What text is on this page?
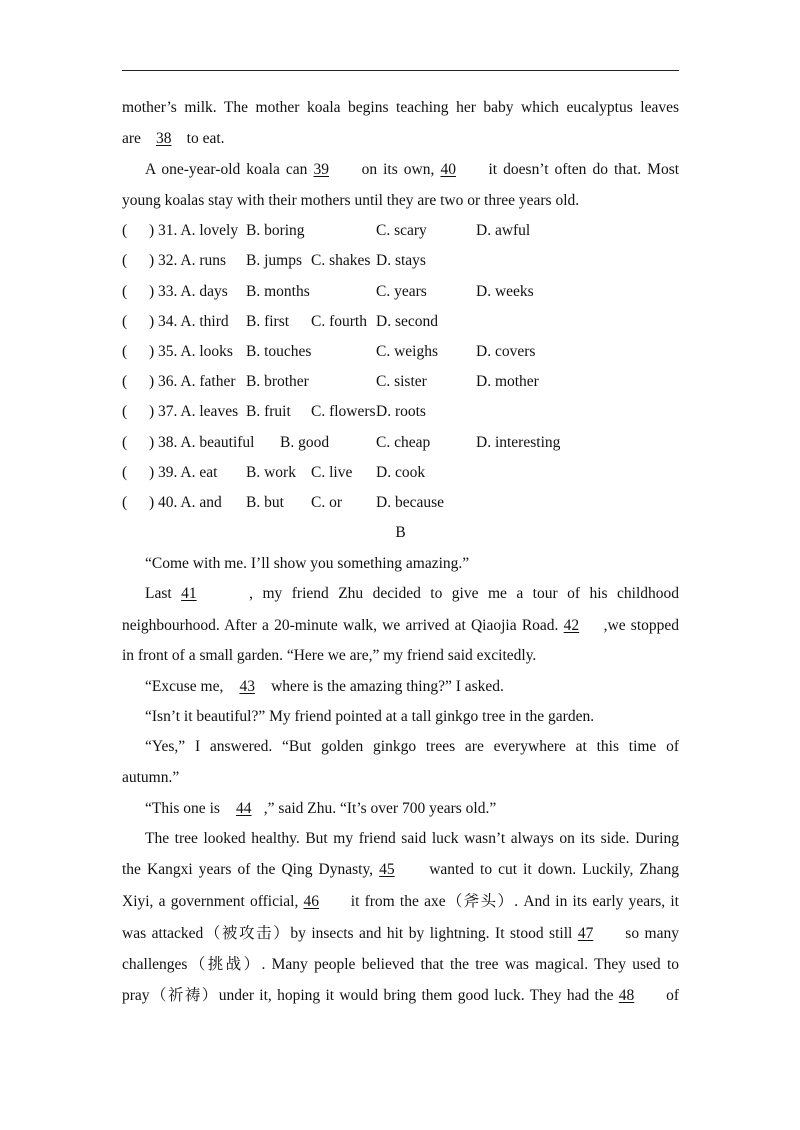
mother’s milk. The mother koala begins teaching her baby which eucalyptus leaves
are 38 to eat.
A one-year-old koala can 39 on its own, 40 it doesn’t often do that. Most
young koalas stay with their mothers until they are two or three years old.
( ) 31. A. lovely B. boring	C. scary	D. awful
( ) 32. A. runs B. jumps C. shakes D. stays
( ) 33. A. days B. months	C. years	D. weeks
( ) 34. A. third B. first C. fourth D. second
( ) 35. A. looks B. touches	C. weighs D. covers
( ) 36. A. father B. brother	C. sister	D. mother
( ) 37. A. leaves B. fruit C. flowers D. roots
( ) 38. A. beautiful B. good	C. cheap	D. interesting
( ) 39. A. eat B. work C. live D. cook
( ) 40. A. and B. but C. or D. because
B
“Come with me. I’ll show you something amazing.”
Last 41	, my friend Zhu decided to give me a tour of his childhood
neighbourhood. After a 20-minute walk, we arrived at Qiaojia Road. 42 ,we stopped
in front of a small garden. “Here we are,” my friend said excitedly.
“Excuse me, 43 where is the amazing thing?” I asked.
“Isn’t it beautiful?” My friend pointed at a tall ginkgo tree in the garden.
“Yes,” I answered. “But golden ginkgo trees are everywhere at this time of
autumn.”
“This one is 44 ,” said Zhu. “It’s over 700 years old.”
The tree looked healthy. But my friend said luck wasn’t always on its side. During
the Kangxi years of the Qing Dynasty, 45 wanted to cut it down. Luckily, Zhang
Xiyi, a government official, 46 it from the axe（斧头）. And in its early years, it
was attacked（被攻击）by insects and hit by lightning. It stood still 47 so many
challenges（挑战）. Many people believed that the tree was magical. They used to
pray（祈祷）under it, hoping it would bring them good luck. They had the 48 of
